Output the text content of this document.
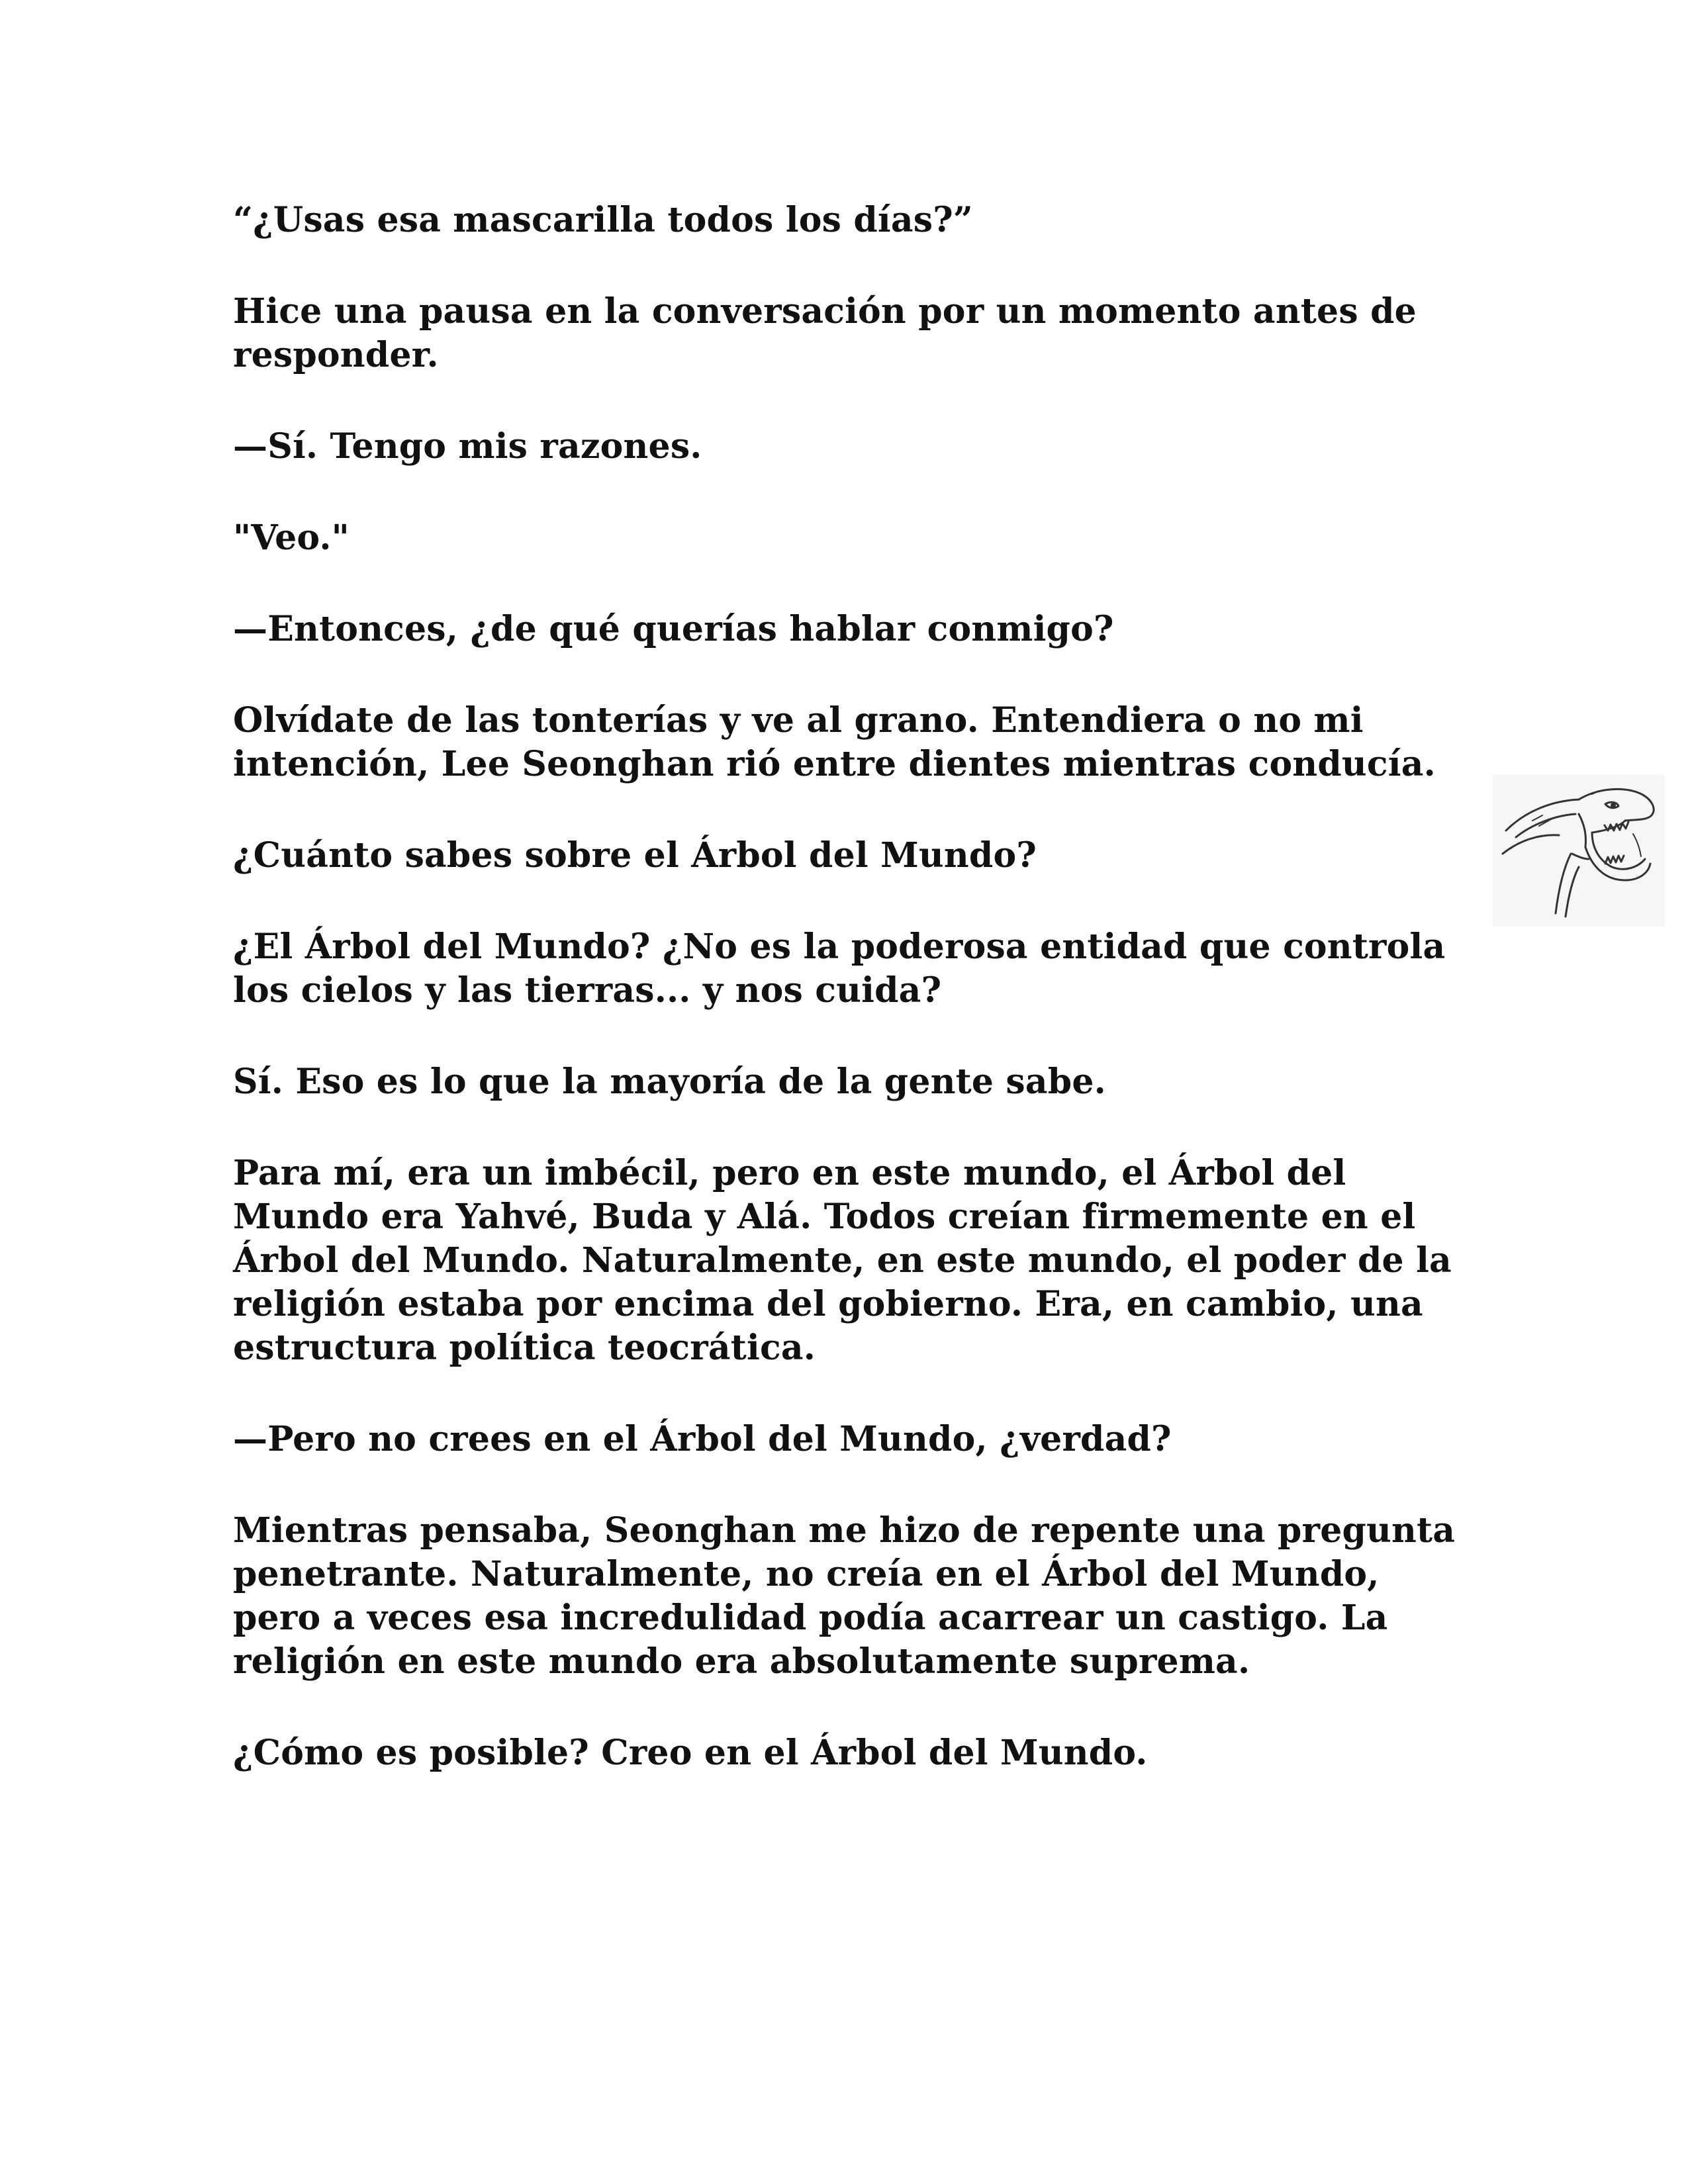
“¿Usas esa mascarilla todos los días?”

Hice una pausa en la conversación por un momento antes de responder.

—Sí. Tengo mis razones.

"Veo."

—Entonces, ¿de qué querías hablar conmigo?

Olvídate de las tonterías y ve al grano. Entendiera o no mi intención, Lee Seonghan rió entre dientes mientras conducía.

¿Cuánto sabes sobre el Árbol del Mundo?

¿El Árbol del Mundo? ¿No es la poderosa entidad que controla los cielos y las tierras... y nos cuida?

Sí. Eso es lo que la mayoría de la gente sabe.

Para mí, era un imbécil, pero en este mundo, el Árbol del Mundo era Yahvé, Buda y Alá. Todos creían firmemente en el Árbol del Mundo. Naturalmente, en este mundo, el poder de la religión estaba por encima del gobierno. Era, en cambio, una estructura política teocrática.

—Pero no crees en el Árbol del Mundo, ¿verdad?

Mientras pensaba, Seonghan me hizo de repente una pregunta penetrante. Naturalmente, no creía en el Árbol del Mundo, pero a veces esa incredulidad podía acarrear un castigo. La religión en este mundo era absolutamente suprema.

¿Cómo es posible? Creo en el Árbol del Mundo.
